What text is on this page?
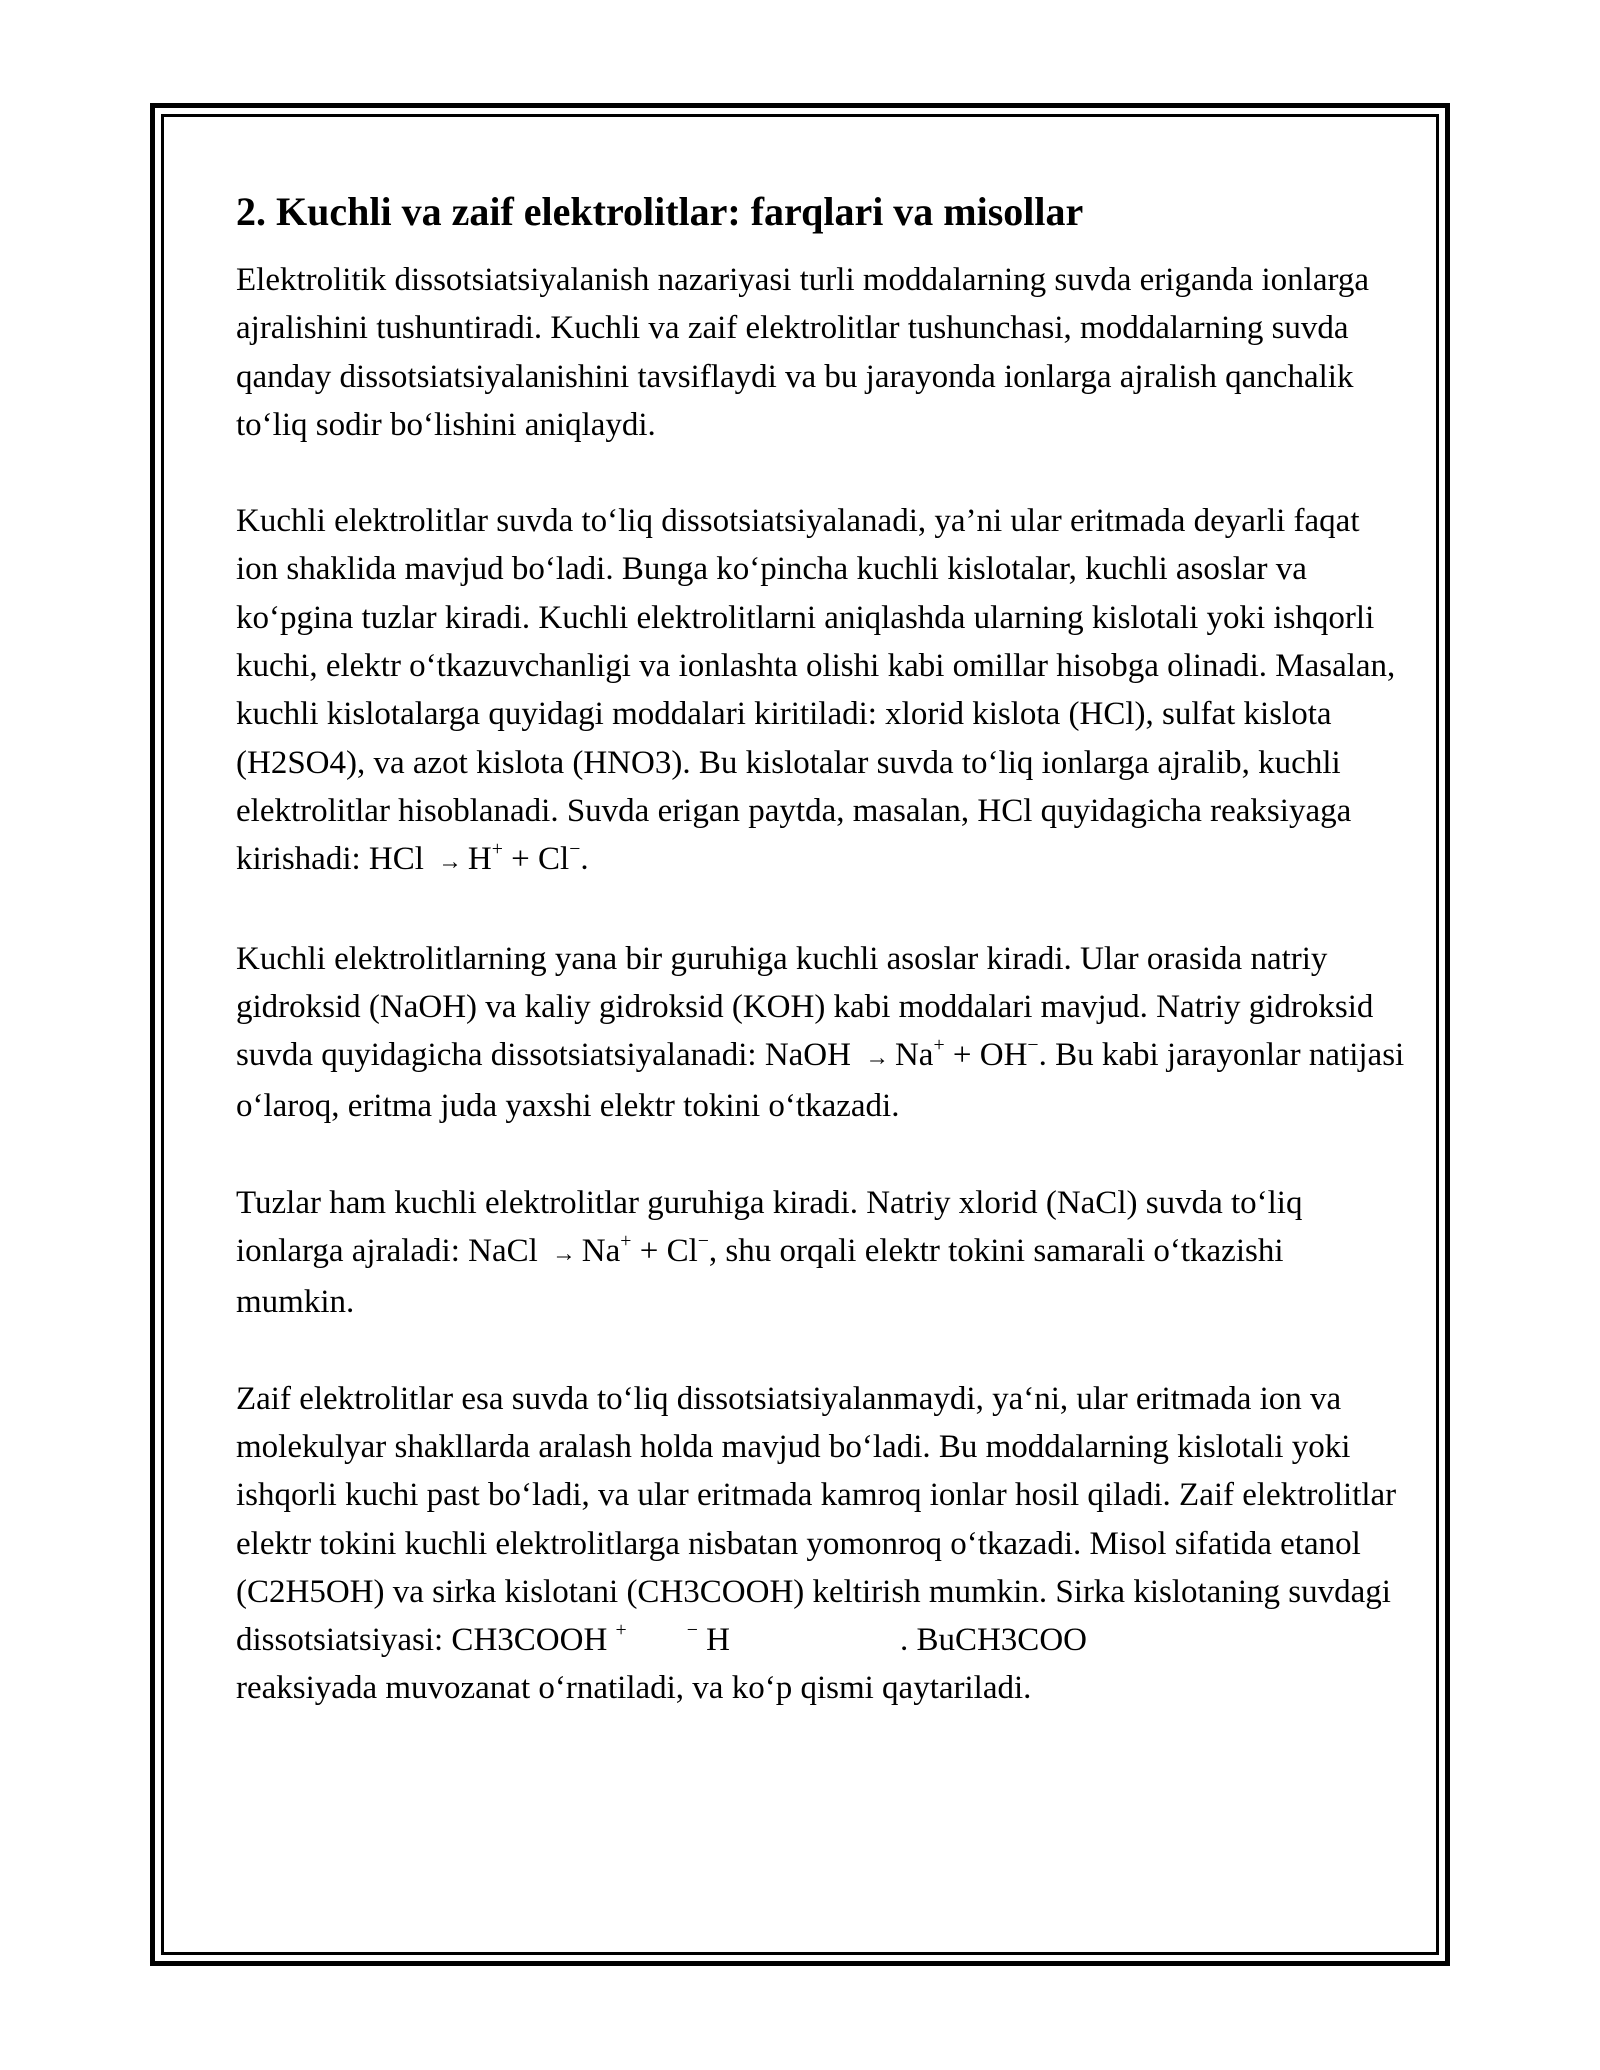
2. Kuchli va zaif elektrolitlar: farqlari va misollar

Elektrolitik dissotsiatsiyalanish nazariyasi turli moddalarning suvda eriganda ionlarga ajralishini tushuntiradi. Kuchli va zaif elektrolitlar tushunchasi, moddalarning suvda qanday dissotsiatsiyalanishini tavsiflaydi va bu jarayonda ionlarga ajralish qanchalik to‘liq sodir bo‘lishini aniqlaydi.

Kuchli elektrolitlar suvda to‘liq dissotsiatsiyalanadi, ya’ni ular eritmada deyarli faqat ion shaklida mavjud bo‘ladi. Bunga ko‘pincha kuchli kislotalar, kuchli asoslar va ko‘pgina tuzlar kiradi. Kuchli elektrolitlarni aniqlashda ularning kislotali yoki ishqorli kuchi, elektr o‘tkazuvchanligi va ionlashta olishi kabi omillar hisobga olinadi. Masalan, kuchli kislotalarga quyidagi moddalari kiritiladi: xlorid kislota (HCl), sulfat kislota (H2SO4), va azot kislota (HNO3). Bu kislotalar suvda to‘liq ionlarga ajralib, kuchli elektrolitlar hisoblanadi. Suvda erigan paytda, masalan, HCl quyidagicha reaksiyaga kirishadi: HCl → H+ + Cl−.

Kuchli elektrolitlarning yana bir guruhiga kuchli asoslar kiradi. Ular orasida natriy gidroksid (NaOH) va kaliy gidroksid (KOH) kabi moddalari mavjud. Natriy gidroksid suvda quyidagicha dissotsiatsiyalanadi: NaOH → Na+ + OH−. Bu kabi jarayonlar natijasi o‘laroq, eritma juda yaxshi elektr tokini o‘tkazadi.

Tuzlar ham kuchli elektrolitlar guruhiga kiradi. Natriy xlorid (NaCl) suvda to‘liq ionlarga ajraladi: NaCl → Na+ + Cl−, shu orqali elektr tokini samarali o‘tkazishi mumkin.

Zaif elektrolitlar esa suvda to‘liq dissotsiatsiyalanmaydi, ya‘ni, ular eritmada ion va molekulyar shakllarda aralash holda mavjud bo‘ladi. Bu moddalarning kislotali yoki ishqorli kuchi past bo‘ladi, va ular eritmada kamroq ionlar hosil qiladi. Zaif elektrolitlar elektr tokini kuchli elektrolitlarga nisbatan yomonroq o‘tkazadi. Misol sifatida etanol (C2H5OH) va sirka kislotani (CH3COOH) keltirish mumkin. Sirka kislotaning suvdagi dissotsiatsiyasi: CH3COOH +	− H	. BuCH3COO
reaksiyada muvozanat o‘rnatiladi, va ko‘p qismi qaytariladi.
